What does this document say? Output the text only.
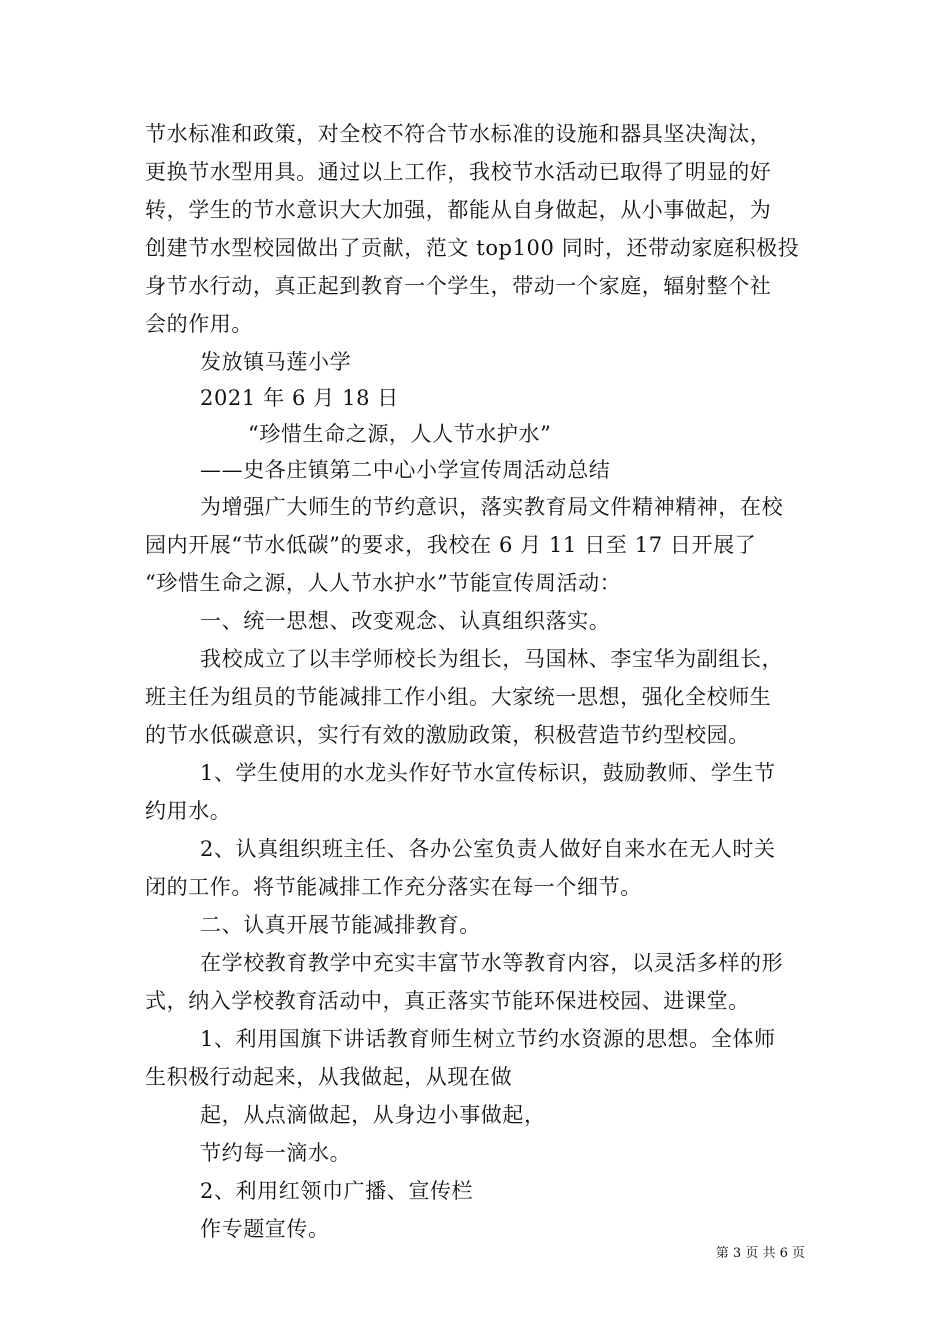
节水标准和政策，对全校不符合节水标准的设施和器具坚决淘汰，
更换节水型用具。通过以上工作，我校节水活动已取得了明显的好
转，学生的节水意识大大加强，都能从自身做起，从小事做起，为
创建节水型校园做出了贡献，范文 top100 同时，还带动家庭积极投
身节水行动，真正起到教育一个学生，带动一个家庭，辐射整个社
会的作用。
发放镇马莲小学
2021 年 6 月 18 日
“珍惜生命之源，人人节水护水”
——史各庄镇第二中心小学宣传周活动总结
为增强广大师生的节约意识，落实教育局文件精神精神，在校
园内开展“节水低碳”的要求，我校在 6 月 11 日至 17 日开展了
“珍惜生命之源，人人节水护水”节能宣传周活动：
一、统一思想、改变观念、认真组织落实。
我校成立了以丰学师校长为组长，马国林、李宝华为副组长，
班主任为组员的节能减排工作小组。大家统一思想，强化全校师生
的节水低碳意识，实行有效的激励政策，积极营造节约型校园。
1、学生使用的水龙头作好节水宣传标识，鼓励教师、学生节
约用水。
2、认真组织班主任、各办公室负责人做好自来水在无人时关
闭的工作。将节能减排工作充分落实在每一个细节。
二、认真开展节能减排教育。
在学校教育教学中充实丰富节水等教育内容，以灵活多样的形
式，纳入学校教育活动中，真正落实节能环保进校园、进课堂。
1、利用国旗下讲话教育师生树立节约水资源的思想。全体师
生积极行动起来，从我做起，从现在做
起，从点滴做起，从身边小事做起，
节约每一滴水。
2、利用红领巾广播、宣传栏
作专题宣传。
第 3 页 共 6 页
